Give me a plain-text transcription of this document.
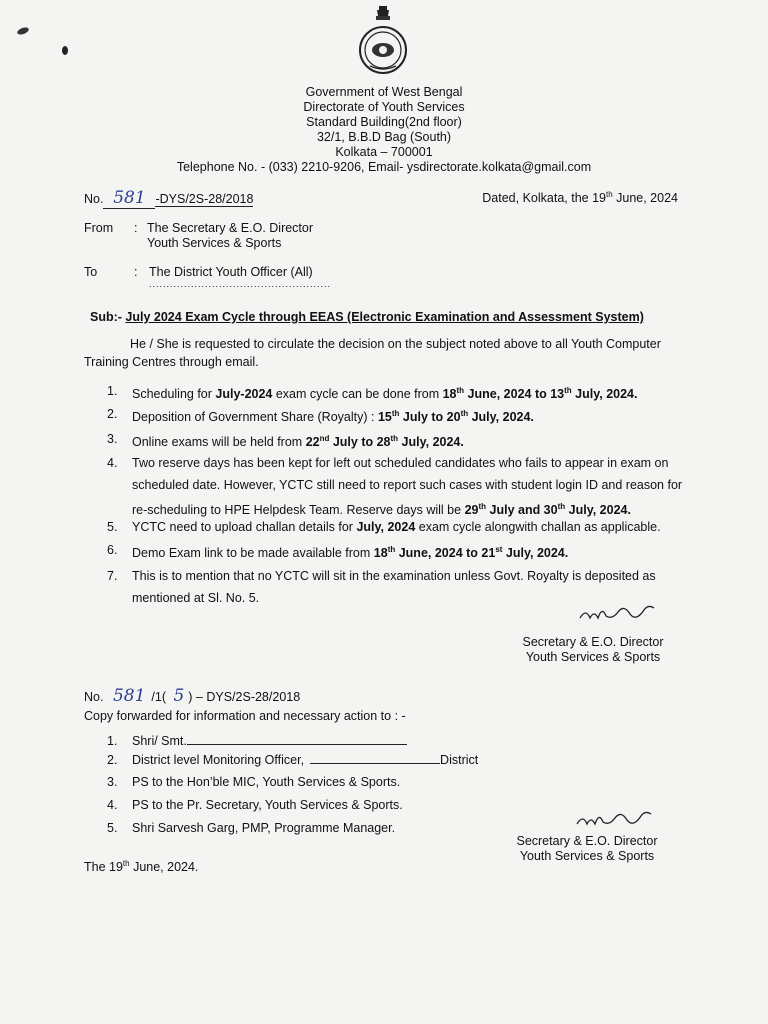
Government of West Bengal
Directorate of Youth Services
Standard Building(2nd floor)
32/1, B.B.D Bag (South)
Kolkata – 700001
Telephone No. - (033) 2210-9206, Email- ysdirectorate.kolkata@gmail.com
No. 581 -DYS/2S-28/2018	Dated, Kolkata, the 19th June, 2024
From : The Secretary & E.O. Director
Youth Services & Sports
To	: The District Youth Officer (All)
....................................................
Sub:- July 2024 Exam Cycle through EEAS (Electronic Examination and Assessment System)
He / She is requested to circulate the decision on the subject noted above to all Youth Computer
Training Centres through email.
1. Scheduling for July-2024 exam cycle can be done from 18th June, 2024 to 13th July, 2024.
2. Deposition of Government Share (Royalty) : 15th July to 20th July, 2024.
3. Online exams will be held from 22nd July to 28th July, 2024.
4. Two reserve days has been kept for left out scheduled candidates who fails to appear in exam on
scheduled date. However, YCTC still need to report such cases with student login ID and reason for
re-scheduling to HPE Helpdesk Team. Reserve days will be 29th July and 30th July, 2024.
5. YCTC need to upload challan details for July, 2024 exam cycle alongwith challan as applicable.
6. Demo Exam link to be made available from 18th June, 2024 to 21st July, 2024.
7. This is to mention that no YCTC will sit in the examination unless Govt. Royalty is deposited as
mentioned at Sl. No. 5.
Secretary & E.O. Director
Youth Services & Sports
No. 581 /1( 5 ) – DYS/2S-28/2018
Copy forwarded for information and necessary action to : -
1. Shri/ Smt.
2. District level Monitoring Officer,	District
3. PS to the Hon’ble MIC, Youth Services & Sports.
4. PS to the Pr. Secretary, Youth Services & Sports.
5. Shri Sarvesh Garg, PMP, Programme Manager.
Secretary & E.O. Director
Youth Services & Sports
The 19th June, 2024.
